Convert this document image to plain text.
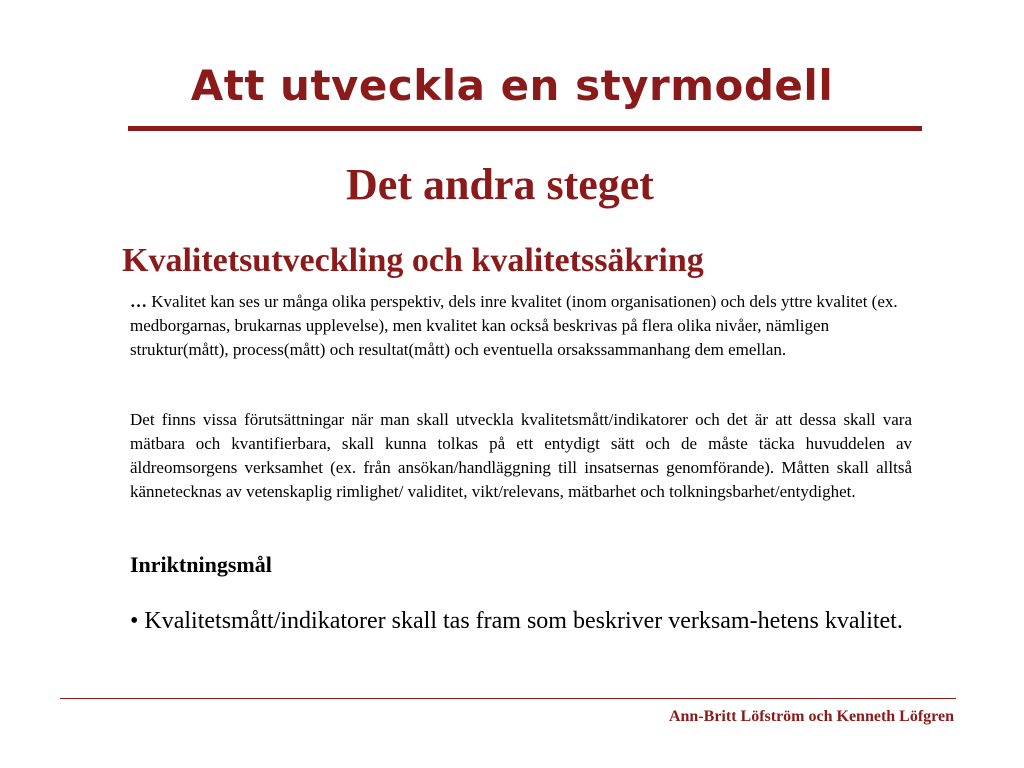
Att utveckla en styrmodell
Det andra steget
Kvalitetsutveckling och kvalitetssäkring
… Kvalitet kan ses ur många olika perspektiv, dels inre kvalitet (inom organisationen) och dels yttre kvalitet (ex. medborgarnas, brukarnas upplevelse), men kvalitet kan också beskrivas på flera olika nivåer, nämligen struktur(mått), process(mått) och resultat(mått) och eventuella orsakssammanhang dem emellan.
Det finns vissa förutsättningar när man skall utveckla kvalitetsmått/indikatorer och det är att dessa skall vara mätbara och kvantifierbara, skall kunna tolkas på ett entydigt sätt och de måste täcka huvuddelen av äldreomsorgens verksamhet (ex. från ansökan/handläggning till insatsernas genomförande). Måtten skall alltså kännetecknas av vetenskaplig rimlighet/ validitet, vikt/relevans, mätbarhet och tolkningsbarhet/entydighet.
Inriktningsmål
• Kvalitetsmått/indikatorer skall tas fram som beskriver verksam-hetens kvalitet.
Ann-Britt Löfström och Kenneth Löfgren
